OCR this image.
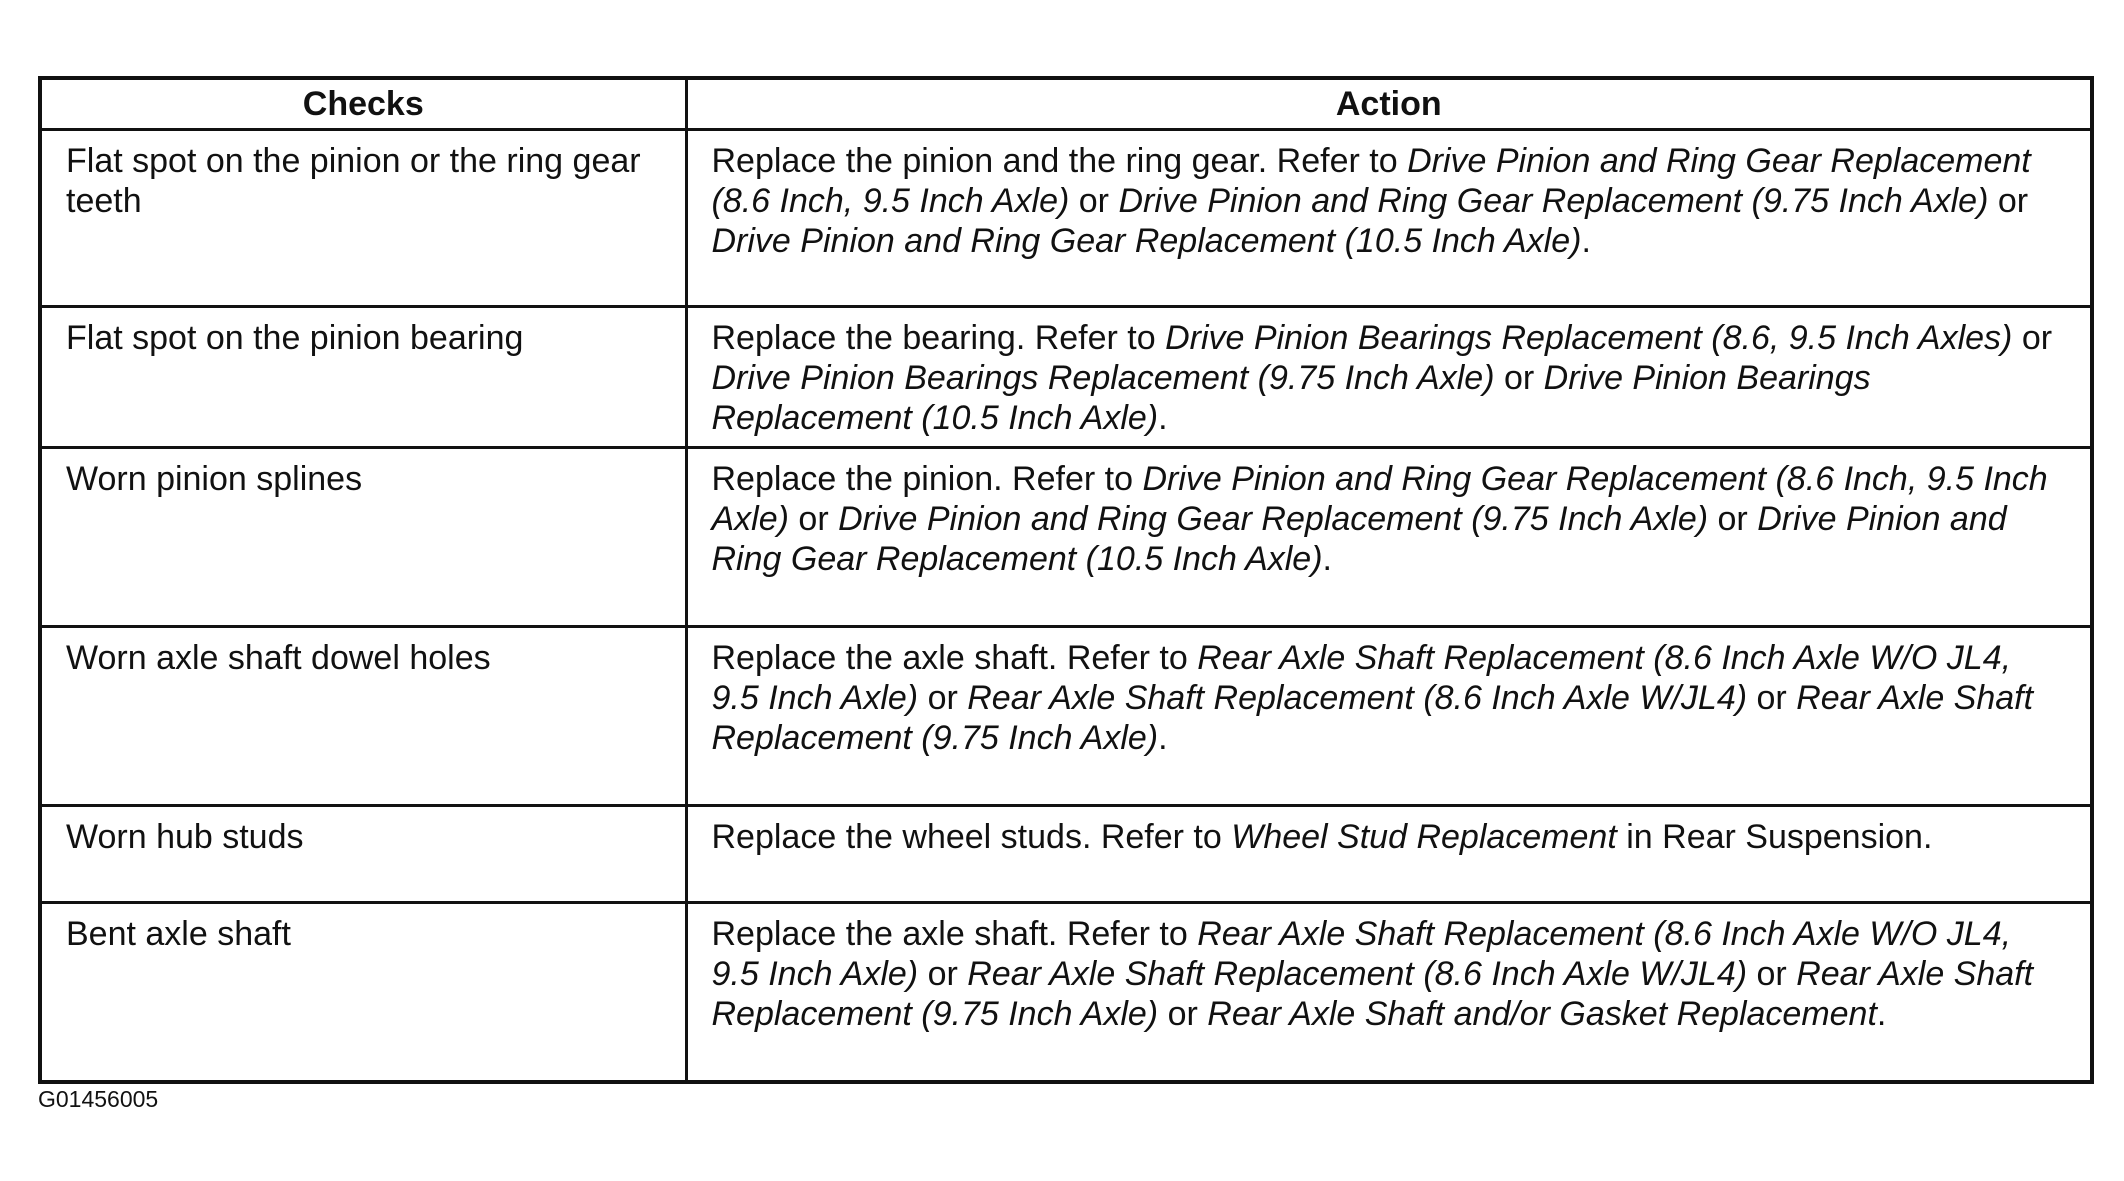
Checks	Action
Flat spot on the pinion or the ring gear teeth	Replace the pinion and the ring gear. Refer to Drive Pinion and Ring Gear Replacement (8.6 Inch, 9.5 Inch Axle) or Drive Pinion and Ring Gear Replacement (9.75 Inch Axle) or Drive Pinion and Ring Gear Replacement (10.5 Inch Axle).
Flat spot on the pinion bearing	Replace the bearing. Refer to Drive Pinion Bearings Replacement (8.6, 9.5 Inch Axles) or Drive Pinion Bearings Replacement (9.75 Inch Axle) or Drive Pinion Bearings Replacement (10.5 Inch Axle).
Worn pinion splines	Replace the pinion. Refer to Drive Pinion and Ring Gear Replacement (8.6 Inch, 9.5 Inch Axle) or Drive Pinion and Ring Gear Replacement (9.75 Inch Axle) or Drive Pinion and Ring Gear Replacement (10.5 Inch Axle).
Worn axle shaft dowel holes	Replace the axle shaft. Refer to Rear Axle Shaft Replacement (8.6 Inch Axle W/O JL4, 9.5 Inch Axle) or Rear Axle Shaft Replacement (8.6 Inch Axle W/JL4) or Rear Axle Shaft Replacement (9.75 Inch Axle).
Worn hub studs	Replace the wheel studs. Refer to Wheel Stud Replacement in Rear Suspension.
Bent axle shaft	Replace the axle shaft. Refer to Rear Axle Shaft Replacement (8.6 Inch Axle W/O JL4, 9.5 Inch Axle) or Rear Axle Shaft Replacement (8.6 Inch Axle W/JL4) or Rear Axle Shaft Replacement (9.75 Inch Axle) or Rear Axle Shaft and/or Gasket Replacement.
G01456005
